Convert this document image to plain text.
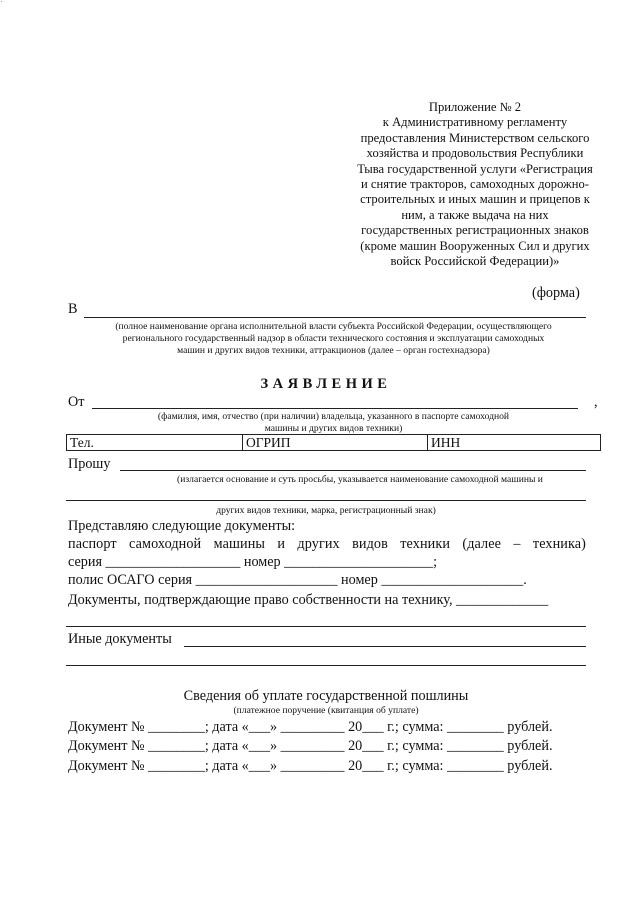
˙
Приложение № 2
к Административному регламенту
предоставления Министерством сельского
хозяйства и продовольствия Республики
Тыва государственной услуги «Регистрация
и снятие тракторов, самоходных дорожно-
строительных и иных машин и прицепов к
ним, а также выдача на них
государственных регистрационных знаков
(кроме машин Вооруженных Сил и других
войск Российской Федерации)»
(форма)
В
(полное наименование органа исполнительной власти субъекта Российской Федерации, осуществляющего
регионального государственный надзор в области технического состояния и эксплуатации самоходных
машин и других видов техники, аттракционов (далее – орган гостехнадзора)
ЗАЯВЛЕНИЕ
От	,
(фамилия, имя, отчество (при наличии) владельца, указанного в паспорте самоходной
машины и других видов техники)
Тел.	ОГРИП	ИНН
Прошу
(излагается основание и суть просьбы, указывается наименование самоходной машины и
других видов техники, марка, регистрационный знак)
Представляю следующие документы:
паспорт самоходной машины и других видов техники (далее – техника)
серия ___________________ номер _____________________;
полис ОСАГО серия ____________________ номер ____________________.
Документы, подтверждающие право собственности на технику, _____________
Иные документы
Сведения об уплате государственной пошлины
(платежное поручение (квитанция об уплате)
Документ № ________; дата «___» _________ 20___ г.; сумма: ________ рублей.
Документ № ________; дата «___» _________ 20___ г.; сумма: ________ рублей.
Документ № ________; дата «___» _________ 20___ г.; сумма: ________ рублей.
